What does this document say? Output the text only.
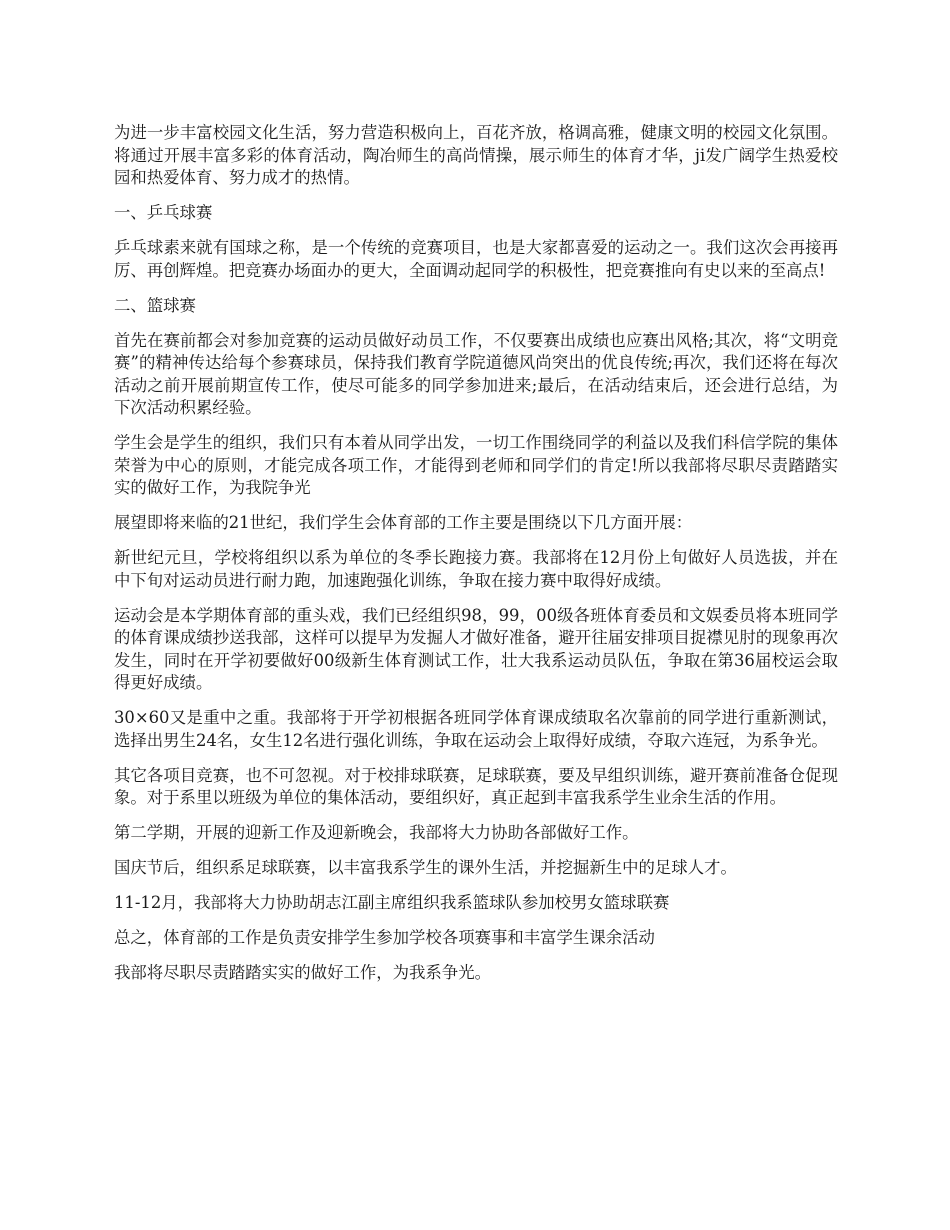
为进一步丰富校园文化生活，努力营造积极向上，百花齐放，格调高雅，健康文明的校园文化氛围。将通过开展丰富多彩的体育活动，陶冶师生的高尚情操，展示师生的体育才华，ji发广阔学生热爱校园和热爱体育、努力成才的热情。

一、乒乓球赛

乒乓球素来就有国球之称，是一个传统的竞赛项目，也是大家都喜爱的运动之一。我们这次会再接再厉、再创辉煌。把竞赛办场面办的更大，全面调动起同学的积极性，把竞赛推向有史以来的至高点!

二、篮球赛

首先在赛前都会对参加竞赛的运动员做好动员工作，不仅要赛出成绩也应赛出风格;其次，将“文明竞赛”的精神传达给每个参赛球员，保持我们教育学院道德风尚突出的优良传统;再次，我们还将在每次活动之前开展前期宣传工作，使尽可能多的同学参加进来;最后，在活动结束后，还会进行总结，为下次活动积累经验。

学生会是学生的组织，我们只有本着从同学出发，一切工作围绕同学的利益以及我们科信学院的集体荣誉为中心的原则，才能完成各项工作，才能得到老师和同学们的肯定!所以我部将尽职尽责踏踏实实的做好工作，为我院争光

展望即将来临的21世纪，我们学生会体育部的工作主要是围绕以下几方面开展：

新世纪元旦，学校将组织以系为单位的冬季长跑接力赛。我部将在12月份上旬做好人员选拔，并在中下旬对运动员进行耐力跑，加速跑强化训练，争取在接力赛中取得好成绩。

运动会是本学期体育部的重头戏，我们已经组织98，99，00级各班体育委员和文娱委员将本班同学的体育课成绩抄送我部，这样可以提早为发掘人才做好准备，避开往届安排项目捉襟见肘的现象再次发生，同时在开学初要做好00级新生体育测试工作，壮大我系运动员队伍，争取在第36届校运会取得更好成绩。

30×60又是重中之重。我部将于开学初根据各班同学体育课成绩取名次靠前的同学进行重新测试，选择出男生24名，女生12名进行强化训练，争取在运动会上取得好成绩，夺取六连冠，为系争光。

其它各项目竞赛，也不可忽视。对于校排球联赛，足球联赛，要及早组织训练，避开赛前准备仓促现象。对于系里以班级为单位的集体活动，要组织好，真正起到丰富我系学生业余生活的作用。

第二学期，开展的迎新工作及迎新晚会，我部将大力协助各部做好工作。

国庆节后，组织系足球联赛，以丰富我系学生的课外生活，并挖掘新生中的足球人才。

11-12月，我部将大力协助胡志江副主席组织我系篮球队参加校男女篮球联赛

总之，体育部的工作是负责安排学生参加学校各项赛事和丰富学生课余活动

我部将尽职尽责踏踏实实的做好工作，为我系争光。
